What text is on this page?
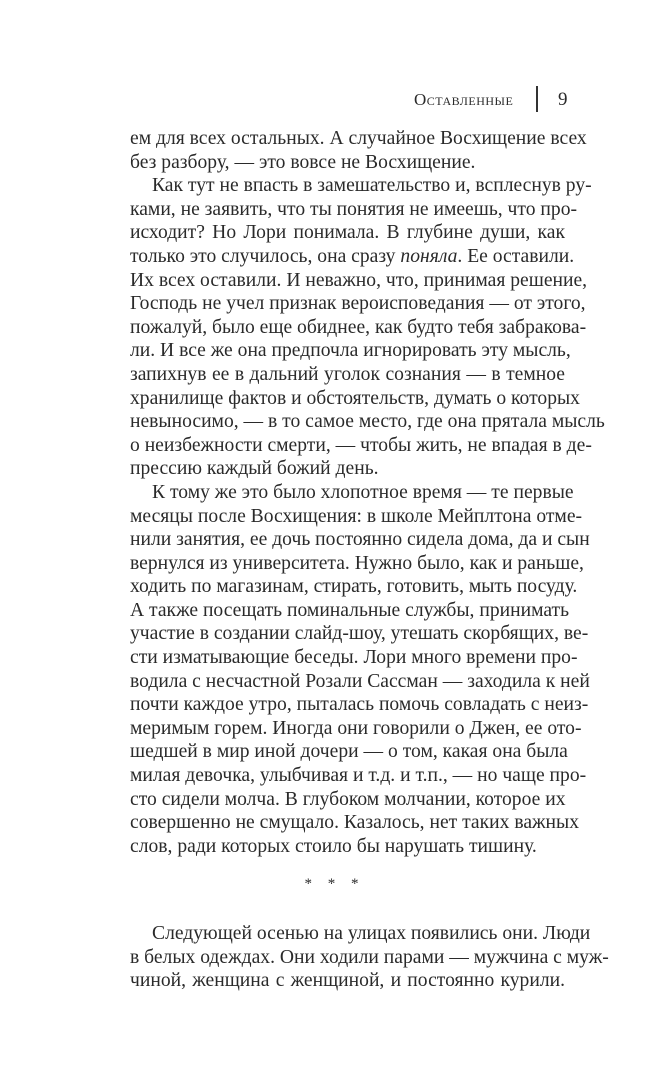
Оставленные 9
ем для всех остальных. А случайное Восхищение всех
без разбору, — это вовсе не Восхищение.
Как тут не впасть в замешательство и, всплеснув ру-
ками, не заявить, что ты понятия не имеешь, что про-
исходит? Но Лори понимала. В глубине души, как
только это случилось, она сразу поняла. Ее оставили.
Их всех оставили. И неважно, что, принимая решение,
Господь не учел признак вероисповедания — от этого,
пожалуй, было еще обиднее, как будто тебя забракова-
ли. И все же она предпочла игнорировать эту мысль,
запихнув ее в дальний уголок сознания — в темное
хранилище фактов и обстоятельств, думать о которых
невыносимо, — в то самое место, где она прятала мысль
о неизбежности смерти, — чтобы жить, не впадая в де-
прессию каждый божий день.
К тому же это было хлопотное время — те первые
месяцы после Восхищения: в школе Мейплтона отме-
нили занятия, ее дочь постоянно сидела дома, да и сын
вернулся из университета. Нужно было, как и раньше,
ходить по магазинам, стирать, готовить, мыть посуду.
А также посещать поминальные службы, принимать
участие в создании слайд-шоу, утешать скорбящих, ве-
сти изматывающие беседы. Лори много времени про-
водила с несчастной Розали Сассман — заходила к ней
почти каждое утро, пыталась помочь совладать с неиз-
меримым горем. Иногда они говорили о Джен, ее ото-
шедшей в мир иной дочери — о том, какая она была
милая девочка, улыбчивая и т.д. и т.п., — но чаще про-
сто сидели молча. В глубоком молчании, которое их
совершенно не смущало. Казалось, нет таких важных
слов, ради которых стоило бы нарушать тишину.
* * *
Следующей осенью на улицах появились они. Люди
в белых одеждах. Они ходили парами — мужчина с муж-
чиной, женщина с женщиной, и постоянно курили.
